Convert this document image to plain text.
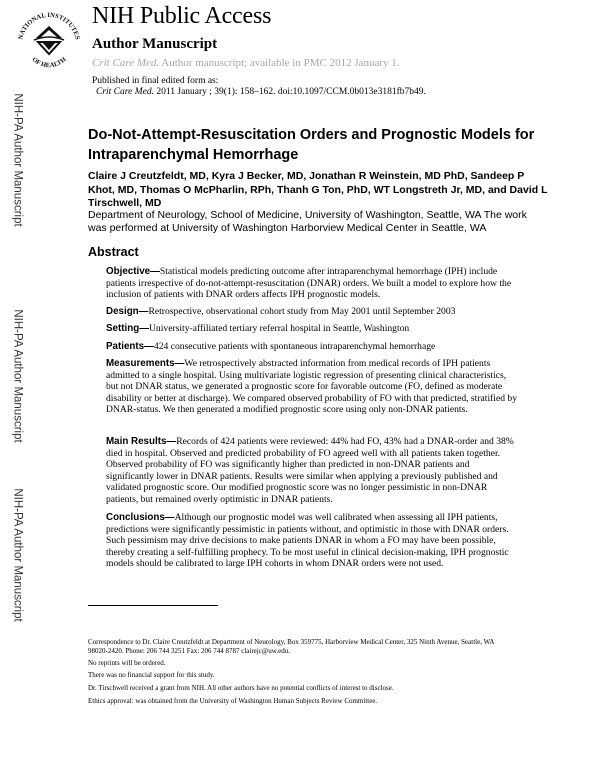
NATIONAL INSTITUTES
OF HEALTH
NIH Public Access
Author Manuscript
Crit Care Med. Author manuscript; available in PMC 2012 January 1.
Published in final edited form as:
Crit Care Med. 2011 January ; 39(1): 158–162. doi:10.1097/CCM.0b013e3181fb7b49.
NIH-PA Author Manuscript
NIH-PA Author Manuscript
NIH-PA Author Manuscript
Do-Not-Attempt-Resuscitation Orders and Prognostic Models for Intraparenchymal Hemorrhage
Claire J Creutzfeldt, MD, Kyra J Becker, MD, Jonathan R Weinstein, MD PhD, Sandeep P Khot, MD, Thomas O McPharlin, RPh, Thanh G Ton, PhD, WT Longstreth Jr, MD, and David L Tirschwell, MD
Department of Neurology, School of Medicine, University of Washington, Seattle, WA The work was performed at University of Washington Harborview Medical Center in Seattle, WA
Abstract
Objective—Statistical models predicting outcome after intraparenchymal hemorrhage (IPH) include patients irrespective of do-not-attempt-resuscitation (DNAR) orders. We built a model to explore how the inclusion of patients with DNAR orders affects IPH prognostic models.
Design—Retrospective, observational cohort study from May 2001 until September 2003
Setting—University-affiliated tertiary referral hospital in Seattle, Washington
Patients—424 consecutive patients with spontaneous intraparenchymal hemorrhage
Measurements—We retrospectively abstracted information from medical records of IPH patients admitted to a single hospital. Using multivariate logistic regression of presenting clinical characteristics, but not DNAR status, we generated a prognostic score for favorable outcome (FO, defined as moderate disability or better at discharge). We compared observed probability of FO with that predicted, stratified by DNAR-status. We then generated a modified prognostic score using only non-DNAR patients.
Main Results—Records of 424 patients were reviewed: 44% had FO, 43% had a DNAR-order and 38% died in hospital. Observed and predicted probability of FO agreed well with all patients taken together. Observed probability of FO was significantly higher than predicted in non-DNAR patients and significantly lower in DNAR patients. Results were similar when applying a previously published and validated prognostic score. Our modified prognostic score was no longer pessimistic in non-DNAR patients, but remained overly optimistic in DNAR patients.
Conclusions—Although our prognostic model was well calibrated when assessing all IPH patients, predictions were significantly pessimistic in patients without, and optimistic in those with DNAR orders. Such pessimism may drive decisions to make patients DNAR in whom a FO may have been possible, thereby creating a self-fulfilling prophecy. To be most useful in clinical decision-making, IPH prognostic models should be calibrated to large IPH cohorts in whom DNAR orders were not used.
Correspondence to Dr. Claire Creutzfeldt at Department of Neurology, Box 359775, Harborview Medical Center, 325 Ninth Avenue, Seattle, WA 98020-2420. Phone: 206 744 3251 Fax: 206 744 8787 clairejc@uw.edu.
No reprints will be ordered.
There was no financial support for this study.
Dr. Tirschwell received a grant from NIH. All other authors have no potential conflicts of interest to disclose.
Ethics approval: was obtained from the University of Washington Human Subjects Review Committee.
